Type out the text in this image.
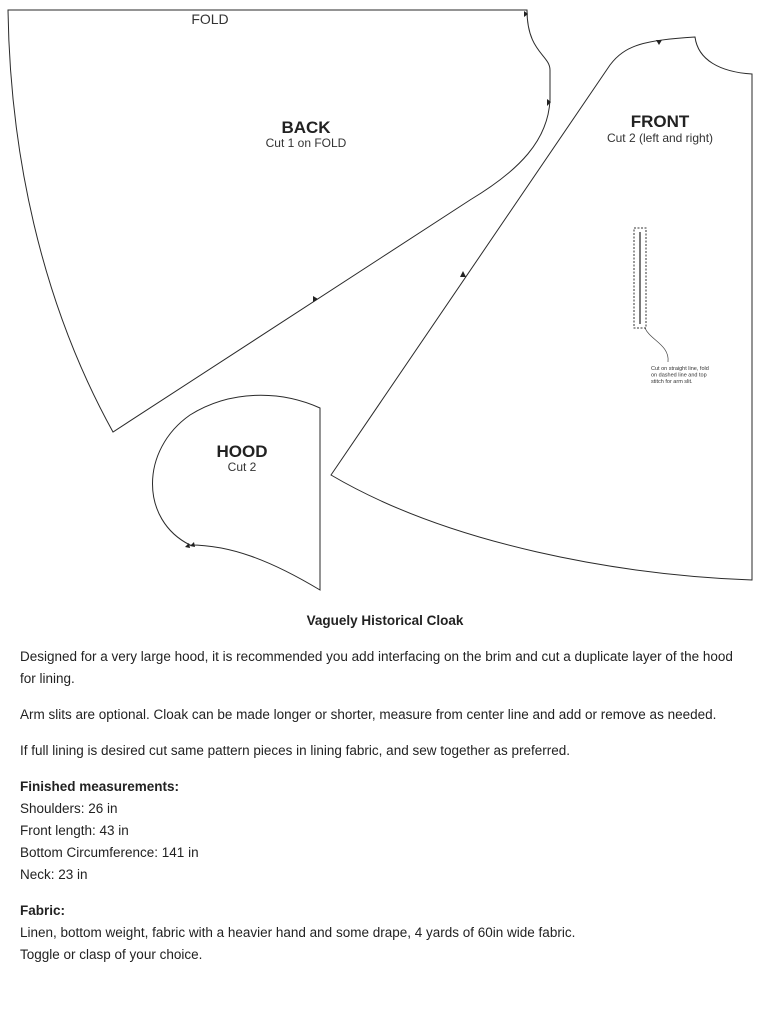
FOLD
BACK
Cut 1 on FOLD
FRONT
Cut 2 (left and right)
Cut on straight line, fold on dashed line and top stitch for arm slit.
HOOD
Cut 2
Vaguely Historical Cloak

Designed for a very large hood, it is recommended you add interfacing on the brim and cut a duplicate layer of the hood for lining.

Arm slits are optional. Cloak can be made longer or shorter, measure from center line and add or remove as needed.

If full lining is desired cut same pattern pieces in lining fabric, and sew together as preferred.

Finished measurements:
Shoulders: 26 in
Front length: 43 in
Bottom Circumference: 141 in
Neck: 23 in
Fabric:
Linen, bottom weight, fabric with a heavier hand and some drape, 4 yards of 60in wide fabric.
Toggle or clasp of your choice.
